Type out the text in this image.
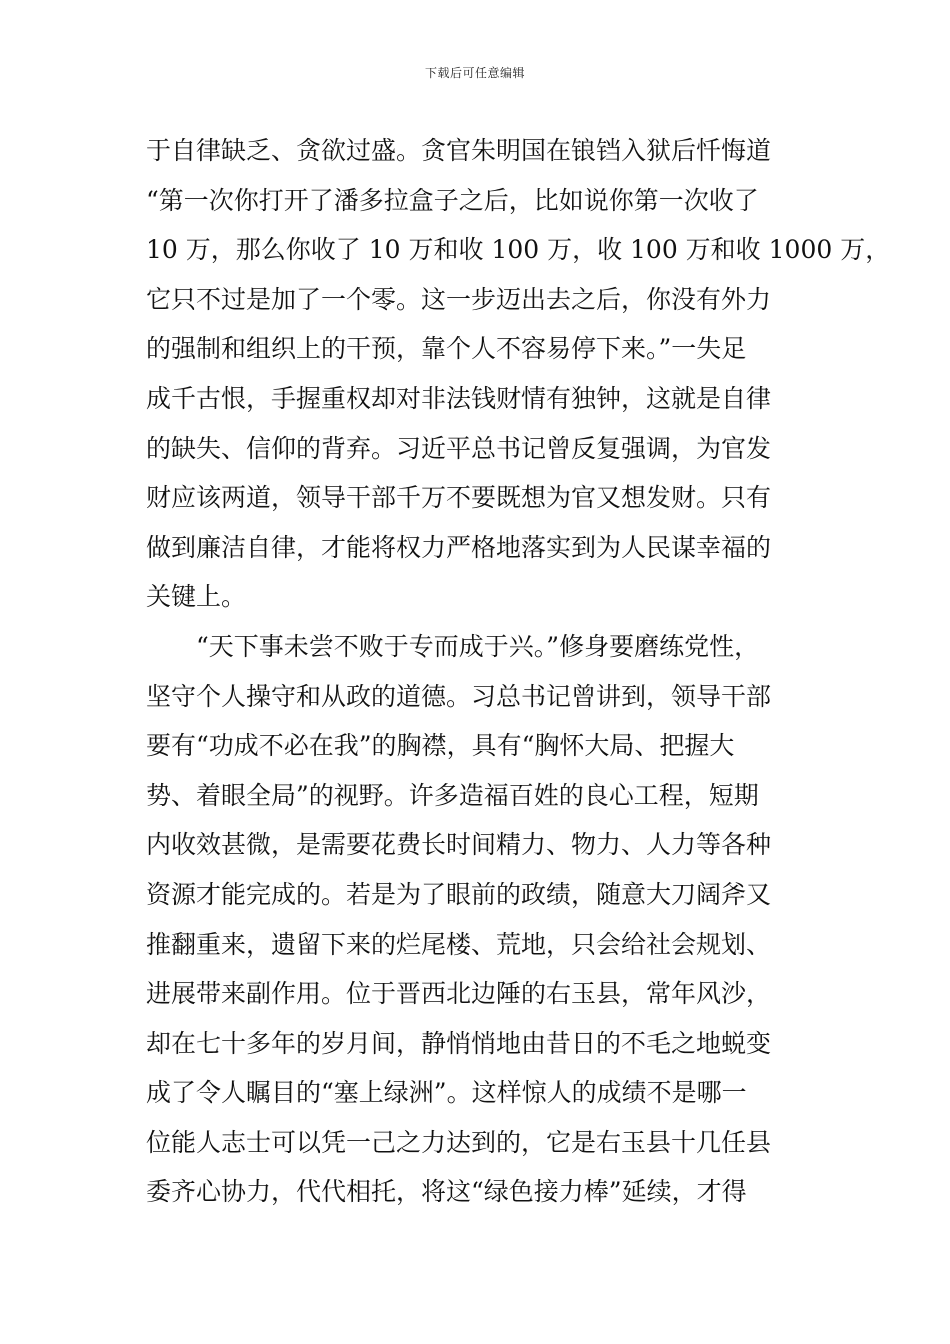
下载后可任意编辑
于自律缺乏、贪欲过盛。贪官朱明国在锒铛入狱后忏悔道
“第一次你打开了潘多拉盒子之后，比如说你第一次收了
10 万，那么你收了 10 万和收 100 万，收 100 万和收 1000 万，
它只不过是加了一个零。这一步迈出去之后，你没有外力
的强制和组织上的干预，靠个人不容易停下来。”一失足
成千古恨，手握重权却对非法钱财情有独钟，这就是自律
的缺失、信仰的背弃。习近平总书记曾反复强调，为官发
财应该两道，领导干部千万不要既想为官又想发财。只有
做到廉洁自律，才能将权力严格地落实到为人民谋幸福的
关键上。
“天下事未尝不败于专而成于兴。”修身要磨练党性，
坚守个人操守和从政的道德。习总书记曾讲到，领导干部
要有“功成不必在我”的胸襟，具有“胸怀大局、把握大
势、着眼全局”的视野。许多造福百姓的良心工程，短期
内收效甚微，是需要花费长时间精力、物力、人力等各种
资源才能完成的。若是为了眼前的政绩，随意大刀阔斧又
推翻重来，遗留下来的烂尾楼、荒地，只会给社会规划、
进展带来副作用。位于晋西北边陲的右玉县，常年风沙，
却在七十多年的岁月间，静悄悄地由昔日的不毛之地蜕变
成了令人瞩目的“塞上绿洲”。这样惊人的成绩不是哪一
位能人志士可以凭一己之力达到的，它是右玉县十几任县
委齐心协力，代代相托，将这“绿色接力棒”延续，才得
